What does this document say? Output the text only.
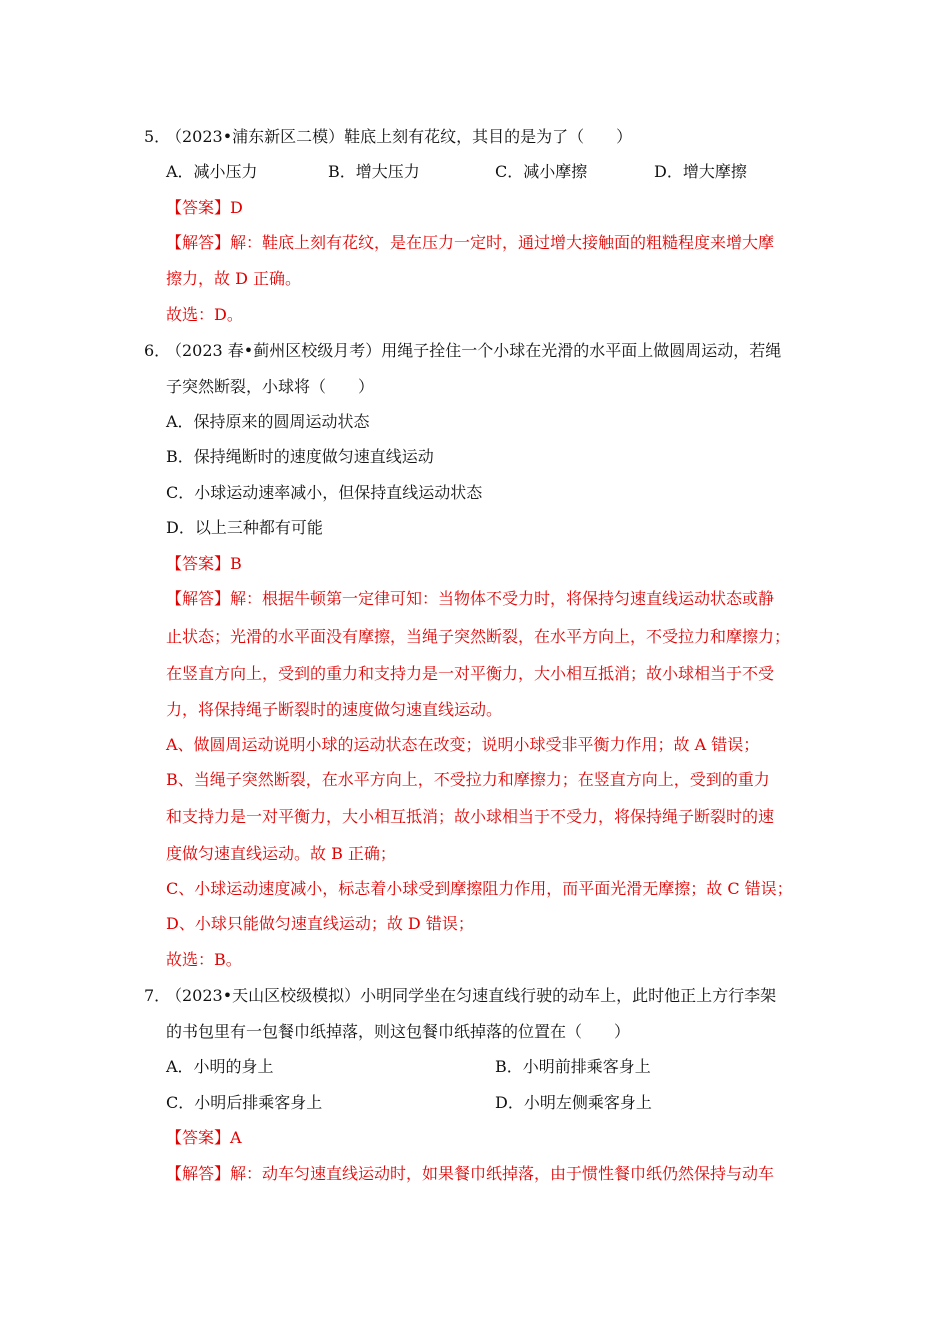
5．（2023•浦东新区二模）鞋底上刻有花纹，其目的是为了（　　）
A．减小压力	B．增大压力	C．减小摩擦	D．增大摩擦
【答案】D
【解答】解：鞋底上刻有花纹，是在压力一定时，通过增大接触面的粗糙程度来增大摩
擦力，故 D 正确。
故选：D。
6．（2023 春•蓟州区校级月考）用绳子拴住一个小球在光滑的水平面上做圆周运动，若绳
子突然断裂，小球将（　　）
A．保持原来的圆周运动状态
B．保持绳断时的速度做匀速直线运动
C．小球运动速率减小，但保持直线运动状态
D．以上三种都有可能
【答案】B
【解答】解：根据牛顿第一定律可知：当物体不受力时，将保持匀速直线运动状态或静
止状态；光滑的水平面没有摩擦，当绳子突然断裂，在水平方向上，不受拉力和摩擦力；
在竖直方向上，受到的重力和支持力是一对平衡力，大小相互抵消；故小球相当于不受
力，将保持绳子断裂时的速度做匀速直线运动。
A、做圆周运动说明小球的运动状态在改变；说明小球受非平衡力作用；故 A 错误；
B、当绳子突然断裂，在水平方向上，不受拉力和摩擦力；在竖直方向上，受到的重力
和支持力是一对平衡力，大小相互抵消；故小球相当于不受力，将保持绳子断裂时的速
度做匀速直线运动。故 B 正确；
C、小球运动速度减小，标志着小球受到摩擦阻力作用，而平面光滑无摩擦；故 C 错误；
D、小球只能做匀速直线运动；故 D 错误；
故选：B。
7．（2023•天山区校级模拟）小明同学坐在匀速直线行驶的动车上，此时他正上方行李架
的书包里有一包餐巾纸掉落，则这包餐巾纸掉落的位置在（　　）
A．小明的身上	B．小明前排乘客身上
C．小明后排乘客身上	D．小明左侧乘客身上
【答案】A
【解答】解：动车匀速直线运动时，如果餐巾纸掉落，由于惯性餐巾纸仍然保持与动车
